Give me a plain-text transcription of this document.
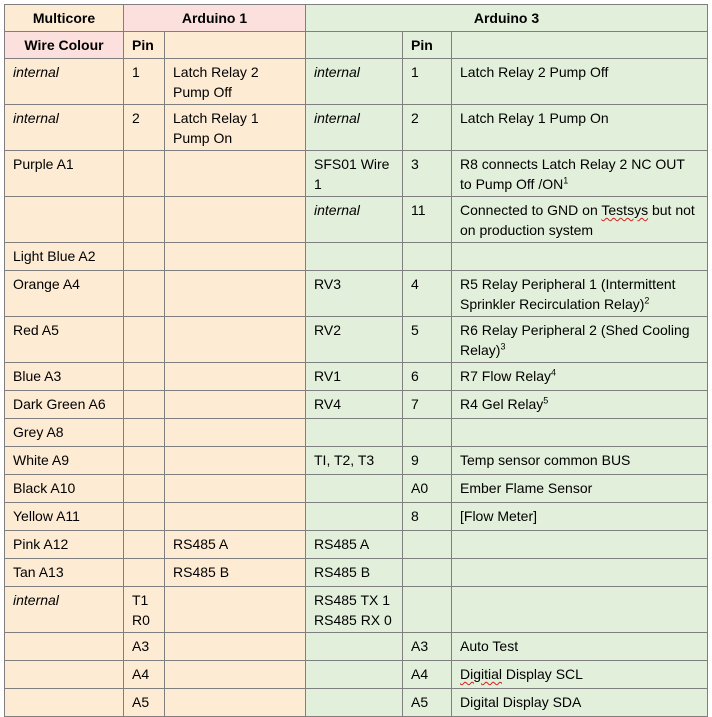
Multicore	Arduino 1		Arduino 3		
Wire Colour	Pin			Pin	
internal	1	Latch Relay 2 Pump Off	internal	1	Latch Relay 2 Pump Off
internal	2	Latch Relay 1 Pump On	internal	2	Latch Relay 1 Pump On
Purple A1			SFS01 Wire 1	3	R8 connects Latch Relay 2 NC OUT to Pump Off $/ON^1$
			internal	11	Connected to GND on Testsys but not on production system
Light Blue A2					
Orange A4			RV3	4	R5 Relay Peripheral 1 (Intermittent Sprinkler Recirculation Relay)$^2$
Red A5			RV2	5	R6 Relay Peripheral 2 (Shed Cooling Relay)$^3$
Blue A3			RV1	6	R7 Flow Relay$^4$
Dark Green A6			RV4	7	R4 Gel Relay$^5$
Grey A8					
White A9			TI, T2, T3	9	Temp sensor common BUS
Black A10				A0	Ember Flame Sensor
Yellow A11				8	[Flow Meter]
Pink A12		RS485 A	RS485 A		
Tan A13		RS485 B	RS485 B		
internal	T1 R0		RS485 TX 1 RS485 RX 0		
	A3			A3	Auto Test
	A4			A4	Digitial Display SCL
	A5			A5	Digital Display SDA
